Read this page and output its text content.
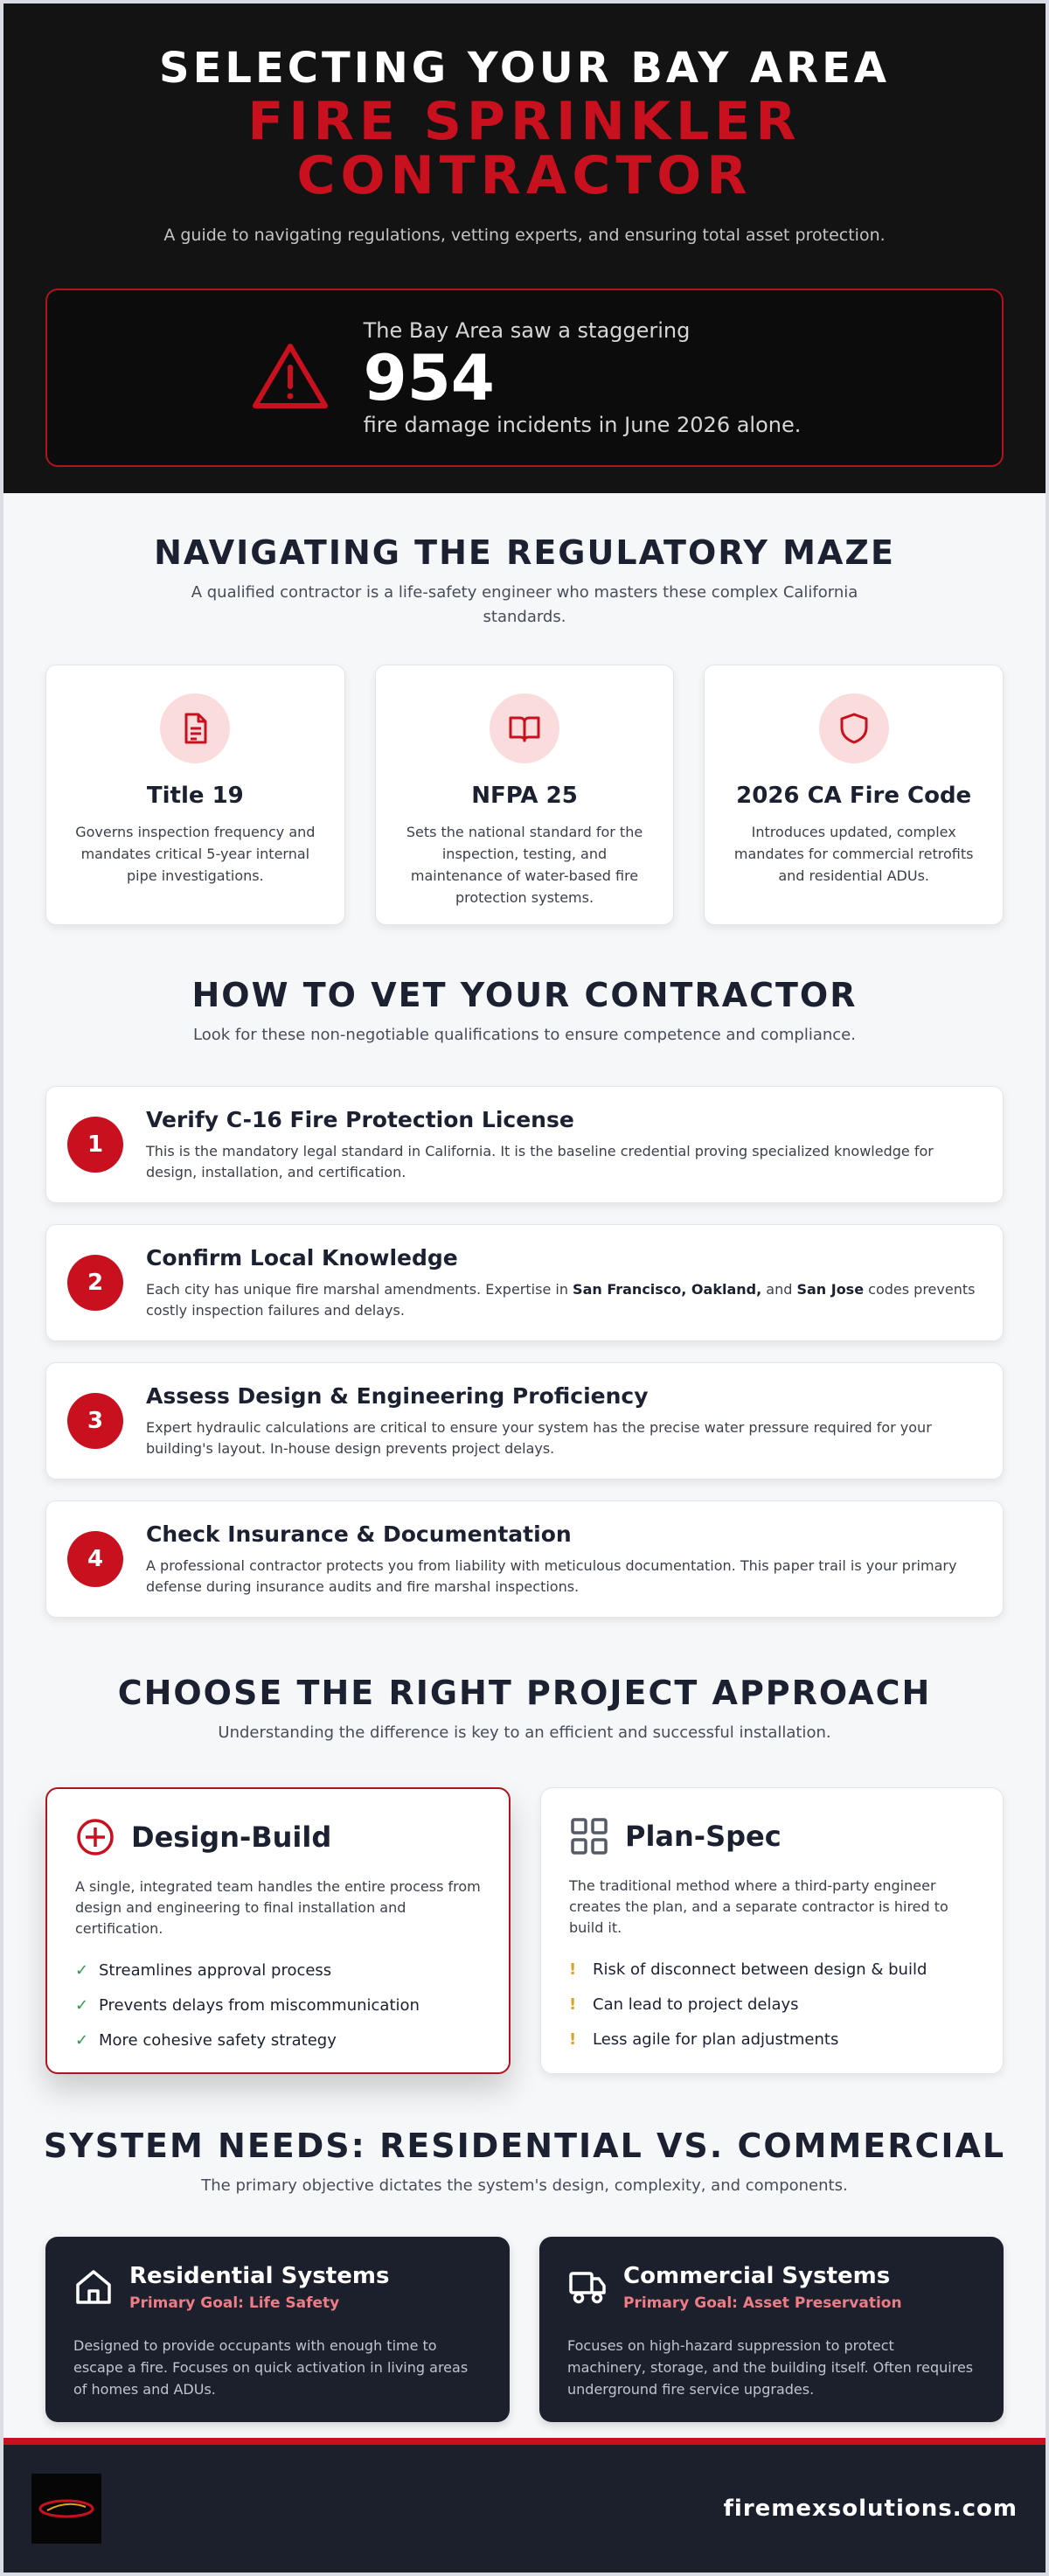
SELECTING YOUR BAY AREA
FIRE SPRINKLER
CONTRACTOR
A guide to navigating regulations, vetting experts, and ensuring total asset protection.
The Bay Area saw a staggering
954
fire damage incidents in June 2026 alone.
NAVIGATING THE REGULATORY MAZE
A qualified contractor is a life-safety engineer who masters these complex California standards.
Title 19
Governs inspection frequency and mandates critical 5-year internal pipe investigations.
NFPA 25
Sets the national standard for the inspection, testing, and maintenance of water-based fire protection systems.
2026 CA Fire Code
Introduces updated, complex mandates for commercial retrofits and residential ADUs.
HOW TO VET YOUR CONTRACTOR
Look for these non-negotiable qualifications to ensure competence and compliance.
1
Verify C-16 Fire Protection License
This is the mandatory legal standard in California. It is the baseline credential proving specialized knowledge for design, installation, and certification.
2
Confirm Local Knowledge
Each city has unique fire marshal amendments. Expertise in San Francisco, Oakland, and San Jose codes prevents costly inspection failures and delays.
3
Assess Design & Engineering Proficiency
Expert hydraulic calculations are critical to ensure your system has the precise water pressure required for your building's layout. In-house design prevents project delays.
4
Check Insurance & Documentation
A professional contractor protects you from liability with meticulous documentation. This paper trail is your primary defense during insurance audits and fire marshal inspections.
CHOOSE THE RIGHT PROJECT APPROACH
Understanding the difference is key to an efficient and successful installation.
Design-Build
A single, integrated team handles the entire process from design and engineering to final installation and certification.
✓ Streamlines approval process
✓ Prevents delays from miscommunication
✓ More cohesive safety strategy
Plan-Spec
The traditional method where a third-party engineer creates the plan, and a separate contractor is hired to build it.
!	Risk of disconnect between design & build
!	Can lead to project delays
!	Less agile for plan adjustments
SYSTEM NEEDS: RESIDENTIAL VS. COMMERCIAL
The primary objective dictates the system's design, complexity, and components.
Residential Systems
Primary Goal: Life Safety
Designed to provide occupants with enough time to escape a fire. Focuses on quick activation in living areas of homes and ADUs.
Commercial Systems
Primary Goal: Asset Preservation
Focuses on high-hazard suppression to protect machinery, storage, and the building itself. Often requires underground fire service upgrades.
firemexsolutions.com
